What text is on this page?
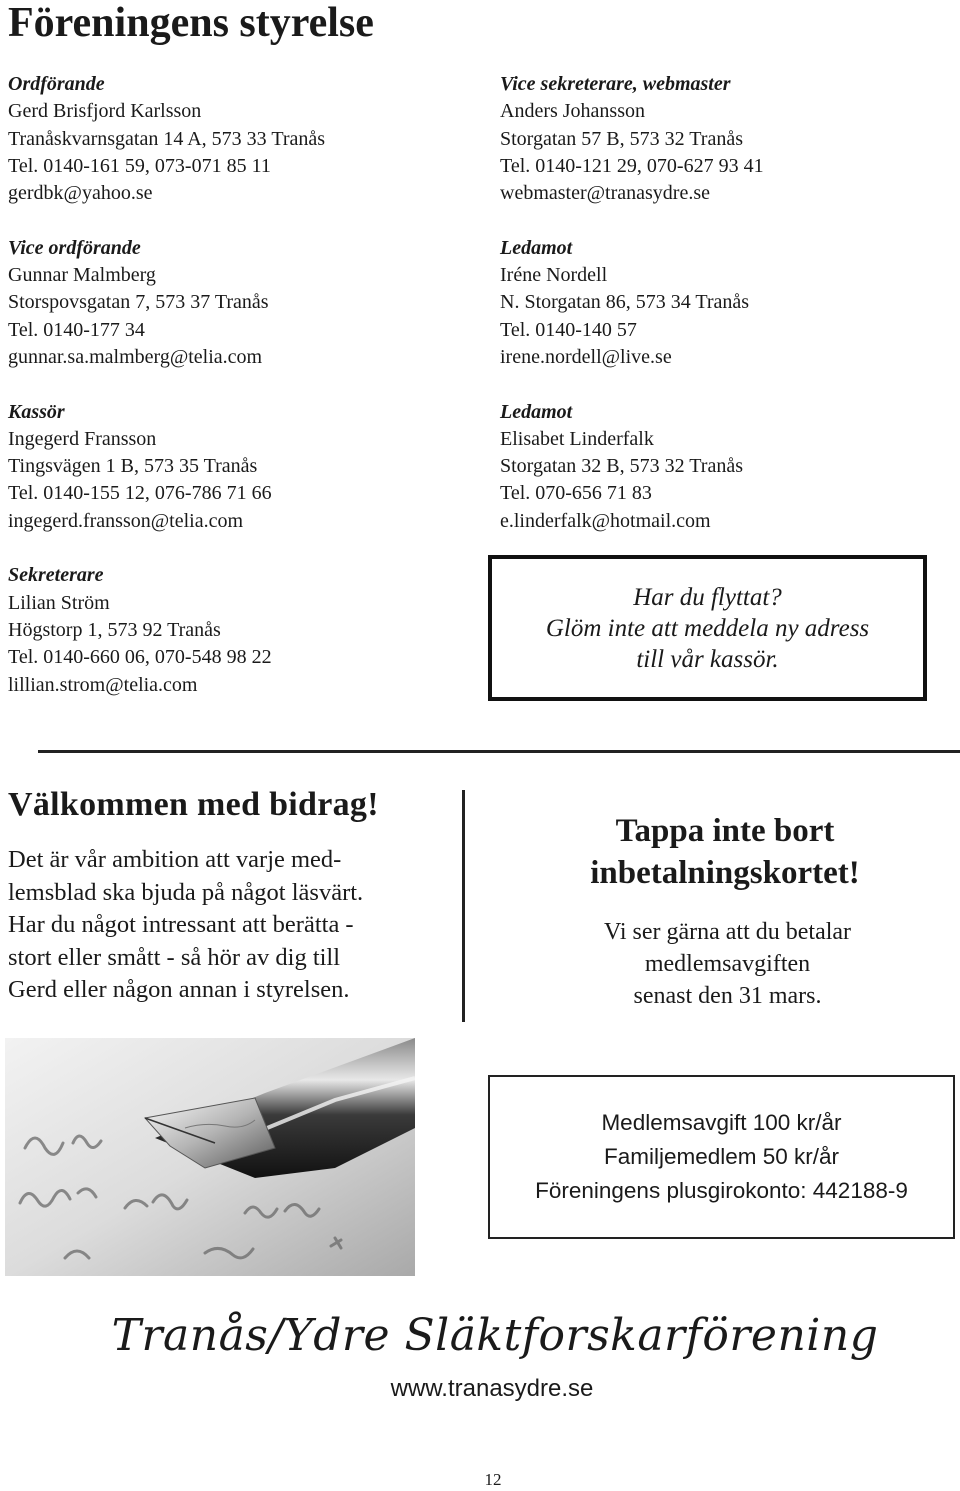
Föreningens styrelse
Ordförande
Gerd Brisfjord Karlsson
Tranåskvarnsgatan 14 A, 573 33 Tranås
Tel. 0140-161 59, 073-071 85 11
gerdbk@yahoo.se
Vice ordförande
Gunnar Malmberg
Storspovsgatan 7, 573 37 Tranås
Tel. 0140-177 34
gunnar.sa.malmberg@telia.com
Kassör
Ingegerd Fransson
Tingsvägen 1 B, 573 35 Tranås
Tel. 0140-155 12, 076-786 71 66
ingegerd.fransson@telia.com
Sekreterare
Lilian Ström
Högstorp 1, 573 92 Tranås
Tel. 0140-660 06, 070-548 98 22
lillian.strom@telia.com
Vice sekreterare, webmaster
Anders Johansson
Storgatan 57 B, 573 32 Tranås
Tel. 0140-121 29, 070-627 93 41
webmaster@tranasydre.se
Ledamot
Iréne Nordell
N. Storgatan 86, 573 34 Tranås
Tel. 0140-140 57
irene.nordell@live.se
Ledamot
Elisabet Linderfalk
Storgatan 32 B, 573 32 Tranås
Tel. 070-656 71 83
e.linderfalk@hotmail.com
Har du flyttat?
Glöm inte att meddela ny adress
till vår kassör.
Välkommen med bidrag!
Det är vår ambition att varje med-
lemsblad ska bjuda på något läsvärt.
Har du något intressant att berätta -
stort eller smått - så hör av dig till
Gerd eller någon annan i styrelsen.
Tappa inte bort
inbetalningskortet!
Vi ser gärna att du betalar
medlemsavgiften
senast den 31 mars.
Medlemsavgift 100 kr/år
Familjemedlem 50 kr/år
Föreningens plusgirokonto: 442188-9
Tranås/Ydre Släktforskarförening
www.tranasydre.se
12
